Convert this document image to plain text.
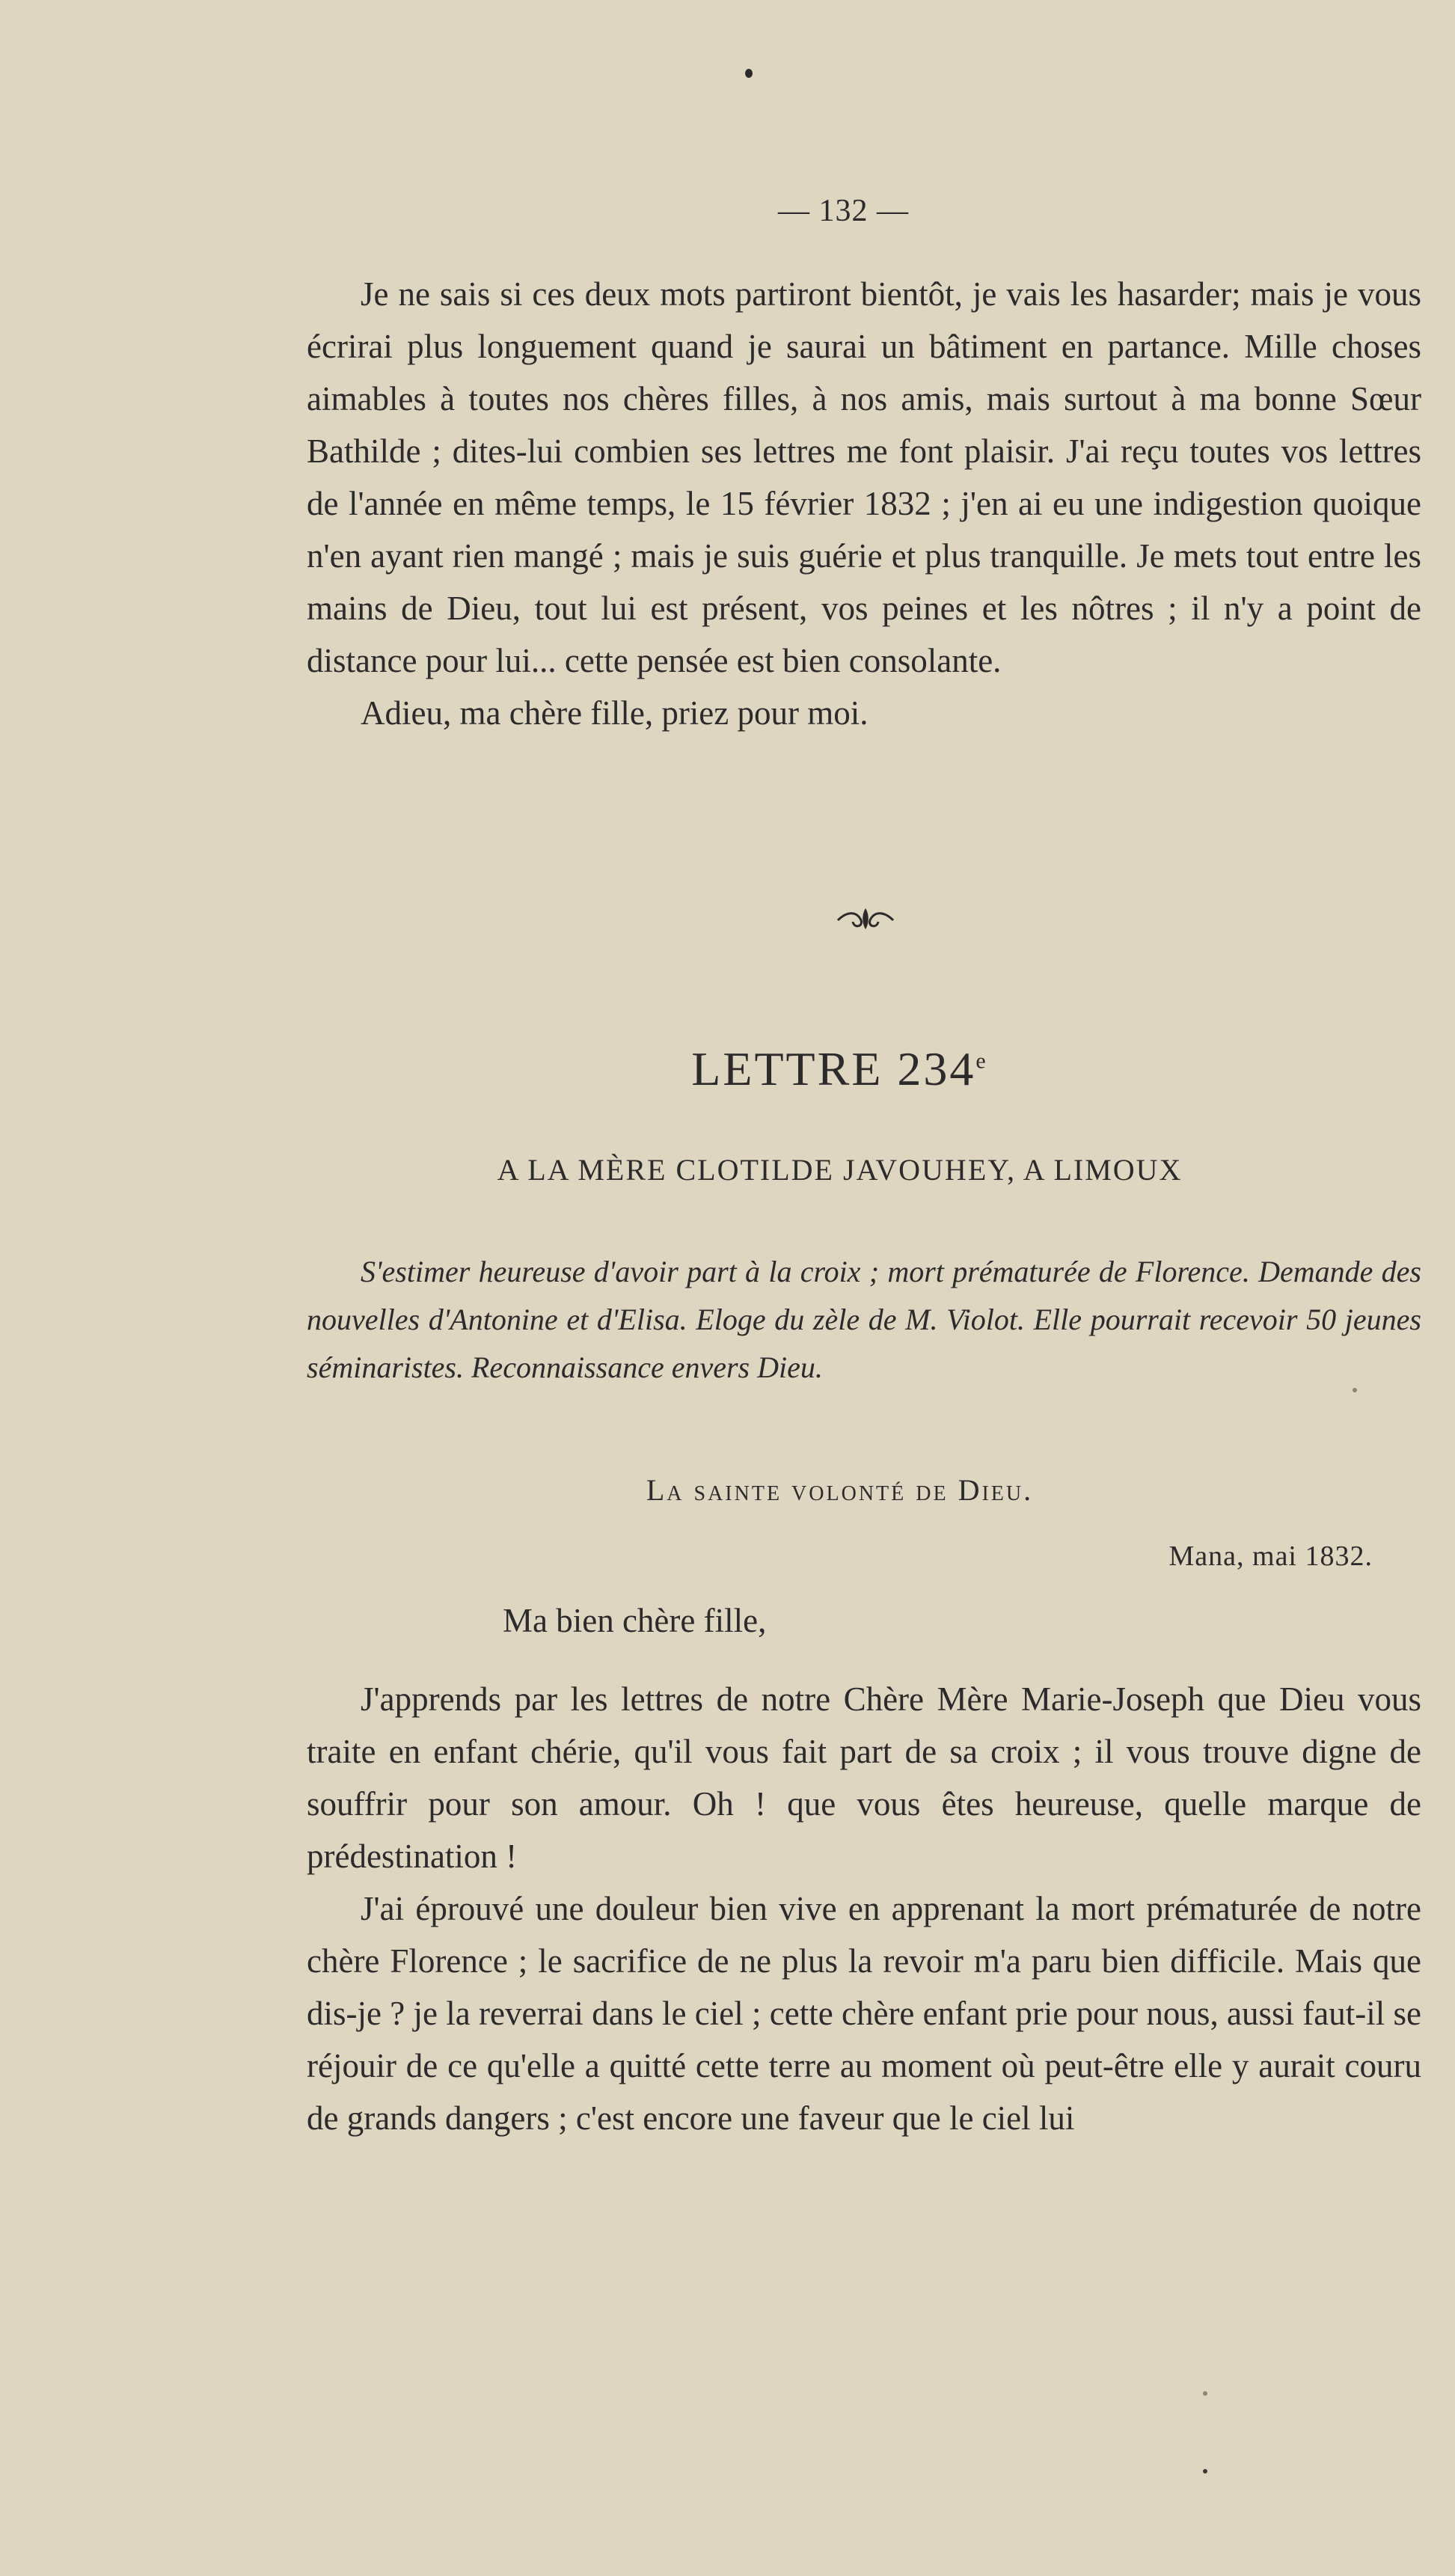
— 132 —

Je ne sais si ces deux mots partiront bientôt, je vais les hasarder; mais je vous écrirai plus longuement quand je saurai un bâtiment en partance. Mille choses aimables à toutes nos chères filles, à nos amis, mais surtout à ma bonne Sœur Bathilde ; dites-lui combien ses lettres me font plaisir. J'ai reçu toutes vos lettres de l'année en même temps, le 15 février 1832 ; j'en ai eu une indigestion quoique n'en ayant rien mangé ; mais je suis guérie et plus tranquille. Je mets tout entre les mains de Dieu, tout lui est présent, vos peines et les nôtres ; il n'y a point de distance pour lui... cette pensée est bien consolante.

Adieu, ma chère fille, priez pour moi.

LETTRE 234e
A LA MÈRE CLOTILDE JAVOUHEY, A LIMOUX
S'estimer heureuse d'avoir part à la croix ; mort prématurée de Florence. Demande des nouvelles d'Antonine et d'Elisa. Eloge du zèle de M. Violot. Elle pourrait recevoir 50 jeunes séminaristes. Reconnaissance envers Dieu.
La sainte volonté de Dieu.
Mana, mai 1832.
Ma bien chère fille,

J'apprends par les lettres de notre Chère Mère Marie-Joseph que Dieu vous traite en enfant chérie, qu'il vous fait part de sa croix ; il vous trouve digne de souffrir pour son amour. Oh ! que vous êtes heureuse, quelle marque de prédestination !

J'ai éprouvé une douleur bien vive en apprenant la mort prématurée de notre chère Florence ; le sacrifice de ne plus la revoir m'a paru bien difficile. Mais que dis-je ? je la reverrai dans le ciel ; cette chère enfant prie pour nous, aussi faut-il se réjouir de ce qu'elle a quitté cette terre au moment où peut-être elle y aurait couru de grands dangers ; c'est encore une faveur que le ciel lui
